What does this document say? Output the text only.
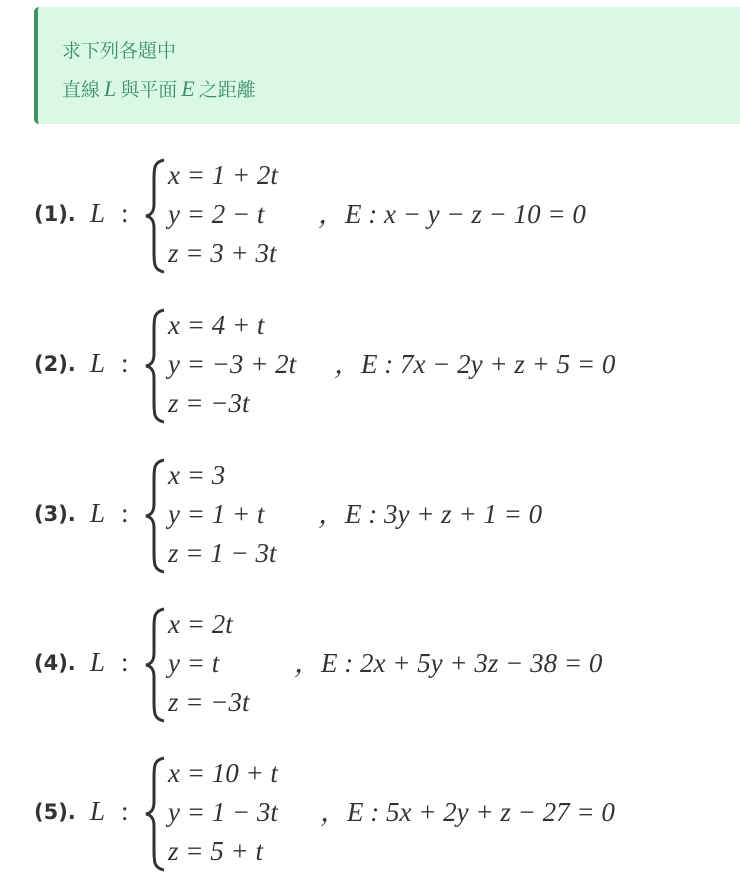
求下列各題中
直線 L 與平面 E 之距離
(1). L :
x = 1 + 2t
y = 2 − t
z = 3 + 3t
，E : x − y − z − 10 = 0
(2). L :
x = 4 + t
y = −3 + 2t
z = −3t
，E : 7x − 2y + z + 5 = 0
(3). L :
x = 3
y = 1 + t
z = 1 − 3t
，E : 3y + z + 1 = 0
(4). L :
x = 2t
y = t
z = −3t
，E : 2x + 5y + 3z − 38 = 0
(5). L :
x = 10 + t
y = 1 − 3t
z = 5 + t
，E : 5x + 2y + z − 27 = 0
